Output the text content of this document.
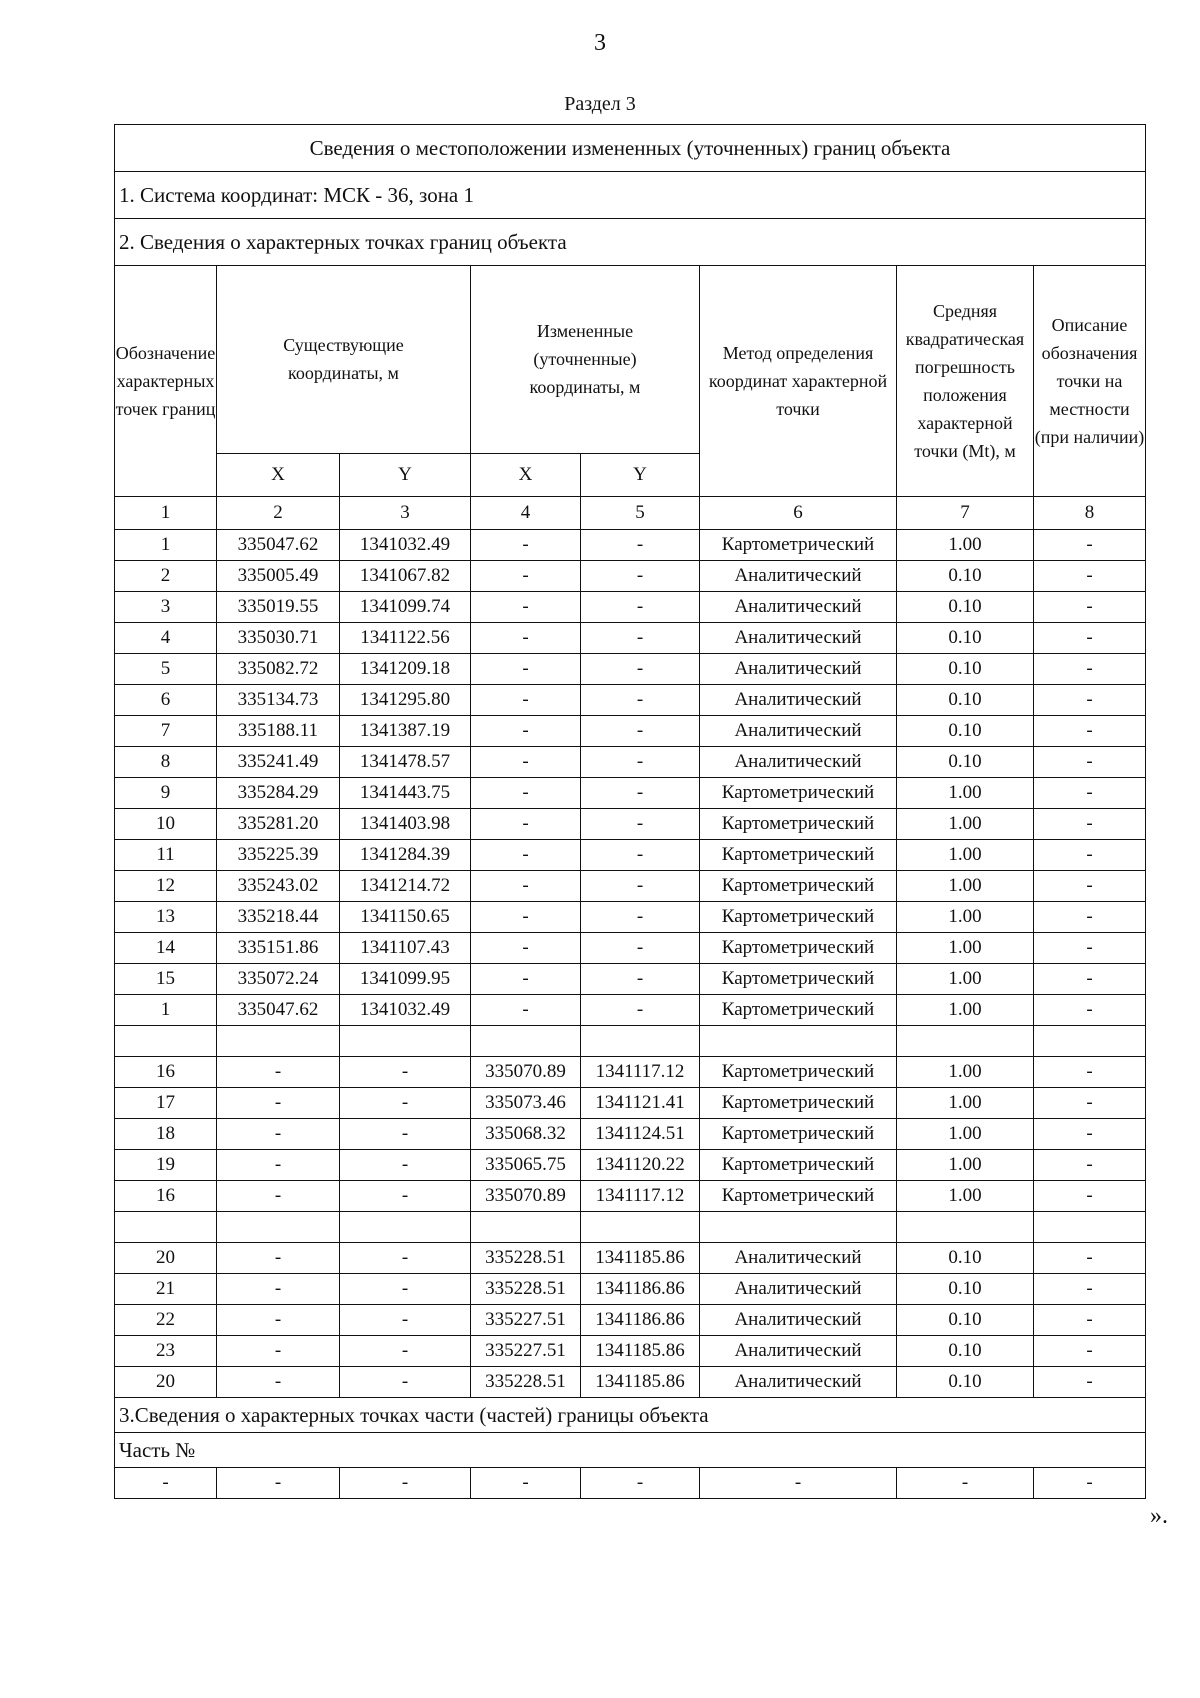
3
Раздел 3
Сведения о местоположении измененных (уточненных) границ объекта							
1. Система координат: МСК - 36, зона 1							
2. Сведения о характерных точках границ объекта							
Обозначение характерных точек границ	Существующие координаты, м		Измененные (уточненные) координаты, м		Метод определения координат характерной точки	Средняя квадратическая погрешность положения характерной точки (Mt), м	Описание обозначения точки на местности (при наличии)
	X	Y	X	Y			
1	2	3	4	5	6	7	8
1	335047.62	1341032.49	-	-	Картометрический	1.00	-
2	335005.49	1341067.82	-	-	Аналитический	0.10	-
3	335019.55	1341099.74	-	-	Аналитический	0.10	-
4	335030.71	1341122.56	-	-	Аналитический	0.10	-
5	335082.72	1341209.18	-	-	Аналитический	0.10	-
6	335134.73	1341295.80	-	-	Аналитический	0.10	-
7	335188.11	1341387.19	-	-	Аналитический	0.10	-
8	335241.49	1341478.57	-	-	Аналитический	0.10	-
9	335284.29	1341443.75	-	-	Картометрический	1.00	-
10	335281.20	1341403.98	-	-	Картометрический	1.00	-
11	335225.39	1341284.39	-	-	Картометрический	1.00	-
12	335243.02	1341214.72	-	-	Картометрический	1.00	-
13	335218.44	1341150.65	-	-	Картометрический	1.00	-
14	335151.86	1341107.43	-	-	Картометрический	1.00	-
15	335072.24	1341099.95	-	-	Картометрический	1.00	-
1	335047.62	1341032.49	-	-	Картометрический	1.00	-

16	-	-	335070.89	1341117.12	Картометрический	1.00	-
17	-	-	335073.46	1341121.41	Картометрический	1.00	-
18	-	-	335068.32	1341124.51	Картометрический	1.00	-
19	-	-	335065.75	1341120.22	Картометрический	1.00	-
16	-	-	335070.89	1341117.12	Картометрический	1.00	-

20	-	-	335228.51	1341185.86	Аналитический	0.10	-
21	-	-	335228.51	1341186.86	Аналитический	0.10	-
22	-	-	335227.51	1341186.86	Аналитический	0.10	-
23	-	-	335227.51	1341185.86	Аналитический	0.10	-
20	-	-	335228.51	1341185.86	Аналитический	0.10	-
3.Сведения о характерных точках части (частей) границы объекта							
Часть №							
-	-	-	-	-	-	-	-
».
